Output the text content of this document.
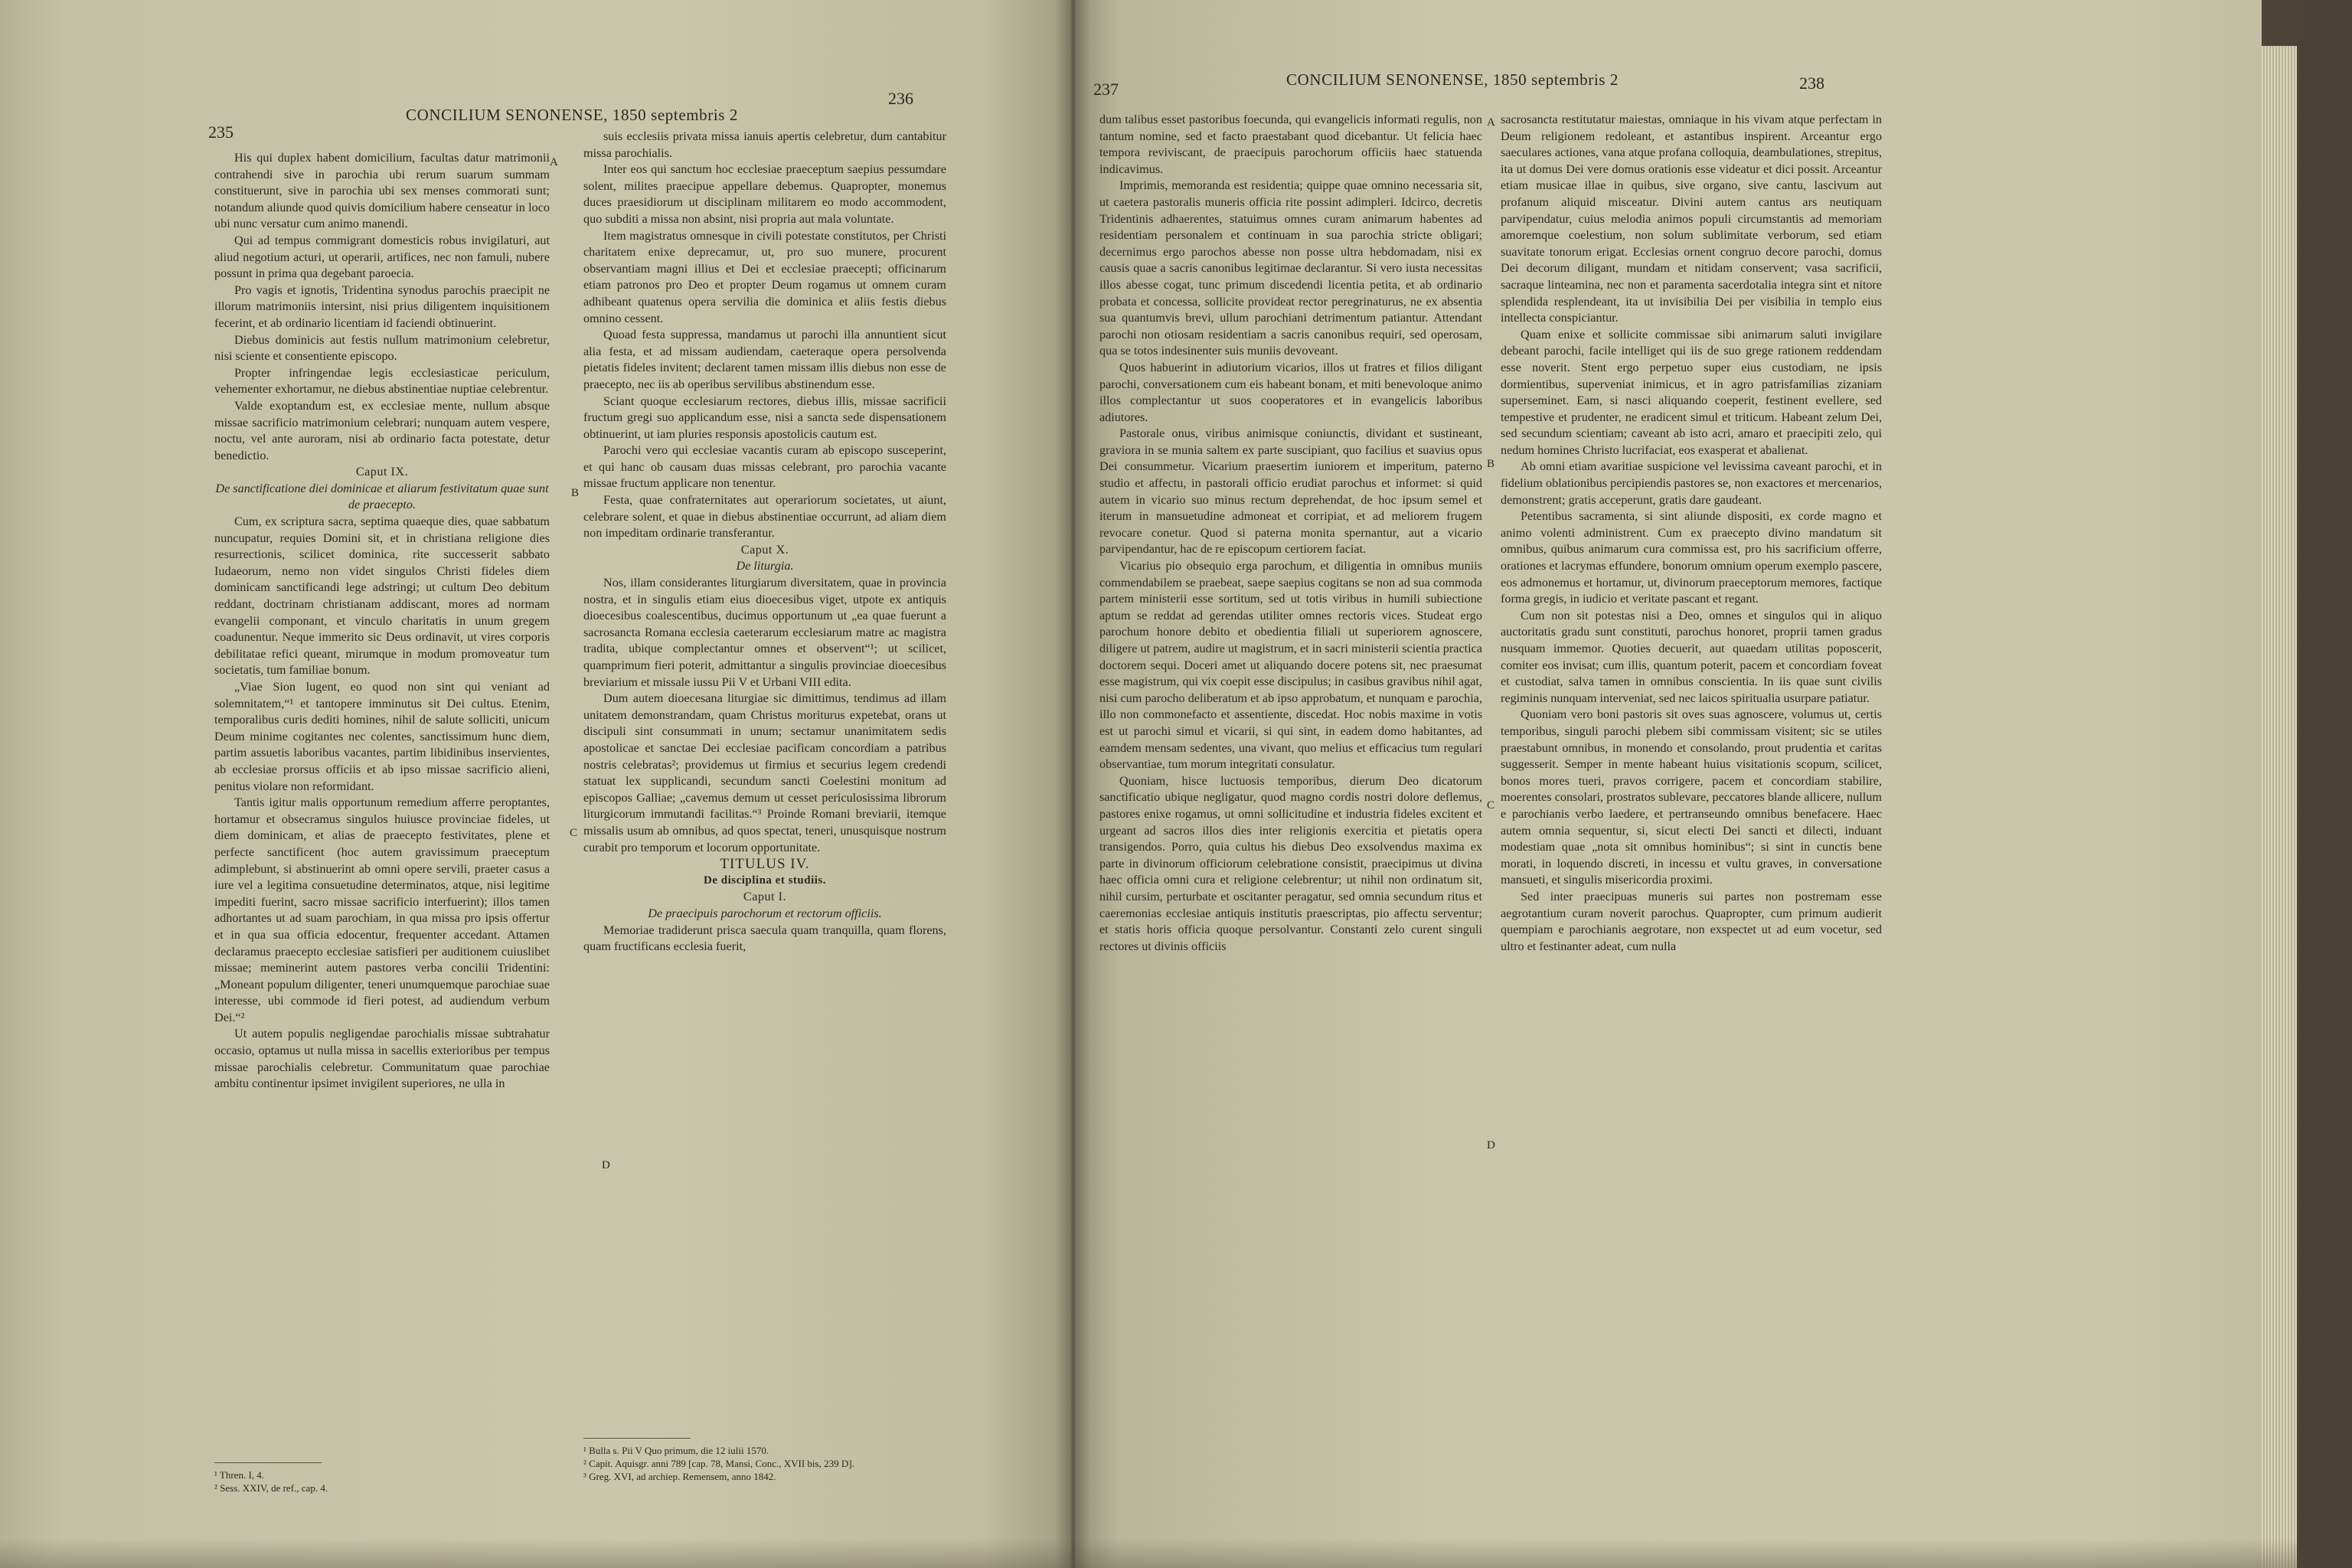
235
CONCILIUM SENONENSE, 1850 septembris 2
236
A
B
C
D

His qui duplex habent domicilium, facultas datur matrimonii contrahendi sive in parochia ubi rerum suarum summam constituerunt, sive in parochia ubi sex menses commorati sunt; notandum aliunde quod quivis domicilium habere censeatur in loco ubi nunc versatur cum animo manendi.

Qui ad tempus commigrant domesticis robus invigilaturi, aut aliud negotium acturi, ut operarii, artifices, nec non famuli, nubere possunt in prima qua degebant paroecia.

Pro vagis et ignotis, Tridentina synodus parochis praecipit ne illorum matrimoniis intersint, nisi prius diligentem inquisitionem fecerint, et ab ordinario licentiam id faciendi obtinuerint.

Diebus dominicis aut festis nullum matrimonium celebretur, nisi sciente et consentiente episcopo.

Propter infringendae legis ecclesiasticae periculum, vehementer exhortamur, ne diebus abstinentiae nuptiae celebrentur.

Valde exoptandum est, ex ecclesiae mente, nullum absque missae sacrificio matrimonium celebrari; nunquam autem vespere, noctu, vel ante auroram, nisi ab ordinario facta potestate, detur benedictio.

Caput IX.

De sanctificatione diei dominicae et aliarum festivitatum quae sunt de praecepto.

Cum, ex scriptura sacra, septima quaeque dies, quae sabbatum nuncupatur, requies Domini sit, et in christiana religione dies resurrectionis, scilicet dominica, rite successerit sabbato Iudaeorum, nemo non videt singulos Christi fideles diem dominicam sanctificandi lege adstringi; ut cultum Deo debitum reddant, doctrinam christianam addiscant, mores ad normam evangelii componant, et vinculo charitatis in unum gregem coadunentur. Neque immerito sic Deus ordinavit, ut vires corporis debilitatae refici queant, mirumque in modum promoveatur tum societatis, tum familiae bonum.

„Viae Sion lugent, eo quod non sint qui veniant ad solemnitatem,“¹ et tantopere imminutus sit Dei cultus. Etenim, temporalibus curis dediti homines, nihil de salute solliciti, unicum Deum minime cogitantes nec colentes, sanctissimum hunc diem, partim assuetis laboribus vacantes, partim libidinibus inservientes, ab ecclesiae prorsus officiis et ab ipso missae sacrificio alieni, penitus violare non reformidant.

Tantis igitur malis opportunum remedium afferre peroptantes, hortamur et obsecramus singulos huiusce provinciae fideles, ut diem dominicam, et alias de praecepto festivitates, plene et perfecte sanctificent (hoc autem gravissimum praeceptum adimplebunt, si abstinuerint ab omni opere servili, praeter casus a iure vel a legitima consuetudine determinatos, atque, nisi legitime impediti fuerint, sacro missae sacrificio interfuerint); illos tamen adhortantes ut ad suam parochiam, in qua missa pro ipsis offertur et in qua sua officia edocentur, frequenter accedant. Attamen declaramus praecepto ecclesiae satisfieri per auditionem cuiuslibet missae; meminerint autem pastores verba concilii Tridentini: „Moneant populum diligenter, teneri unumquemque parochiae suae interesse, ubi commode id fieri potest, ad audiendum verbum Dei.“²

Ut autem populis negligendae parochialis missae subtrahatur occasio, optamus ut nulla missa in sacellis exterioribus per tempus missae parochialis celebretur. Communitatum quae parochiae ambitu continentur ipsimet invigilent superiores, ne ulla in

¹ Thren. I, 4.
² Sess. XXIV, de ref., cap. 4.

suis ecclesiis privata missa ianuis apertis celebretur, dum cantabitur missa parochialis.

Inter eos qui sanctum hoc ecclesiae praeceptum saepius pessumdare solent, milites praecipue appellare debemus. Quapropter, monemus duces praesidiorum ut disciplinam militarem eo modo accommodent, quo subditi a missa non absint, nisi propria aut mala voluntate.

Item magistratus omnesque in civili potestate constitutos, per Christi charitatem enixe deprecamur, ut, pro suo munere, procurent observantiam magni illius et Dei et ecclesiae praecepti; officinarum etiam patronos pro Deo et propter Deum rogamus ut omnem curam adhibeant quatenus opera servilia die dominica et aliis festis diebus omnino cessent.

Quoad festa suppressa, mandamus ut parochi illa annuntient sicut alia festa, et ad missam audiendam, caeteraque opera persolvenda pietatis fideles invitent; declarent tamen missam illis diebus non esse de praecepto, nec iis ab operibus servilibus abstinendum esse.

Sciant quoque ecclesiarum rectores, diebus illis, missae sacrificii fructum gregi suo applicandum esse, nisi a sancta sede dispensationem obtinuerint, ut iam pluries responsis apostolicis cautum est.

Parochi vero qui ecclesiae vacantis curam ab episcopo susceperint, et qui hanc ob causam duas missas celebrant, pro parochia vacante missae fructum applicare non tenentur.

Festa, quae confraternitates aut operariorum societates, ut aiunt, celebrare solent, et quae in diebus abstinentiae occurrunt, ad aliam diem non impeditam ordinarie transferantur.

Caput X.

De liturgia.

Nos, illam considerantes liturgiarum diversitatem, quae in provincia nostra, et in singulis etiam eius dioecesibus viget, utpote ex antiquis dioecesibus coalescentibus, ducimus opportunum ut „ea quae fuerunt a sacrosancta Romana ecclesia caeterarum ecclesiarum matre ac magistra tradita, ubique complectantur omnes et observent“¹; ut scilicet, quamprimum fieri poterit, admittantur a singulis provinciae dioecesibus breviarium et missale iussu Pii V et Urbani VIII edita.

Dum autem dioecesana liturgiae sic dimittimus, tendimus ad illam unitatem demonstrandam, quam Christus moriturus expetebat, orans ut discipuli sint consummati in unum; sectamur unanimitatem sedis apostolicae et sanctae Dei ecclesiae pacificam concordiam a patribus nostris celebratas²; providemus ut firmius et securius legem credendi statuat lex supplicandi, secundum sancti Coelestini monitum ad episcopos Galliae; „cavemus demum ut cesset periculosissima librorum liturgicorum immutandi facilitas.“³ Proinde Romani breviarii, itemque missalis usum ab omnibus, ad quos spectat, teneri, unusquisque nostrum curabit pro temporum et locorum opportunitate.

TITULUS IV.

De disciplina et studiis.

Caput I.

De praecipuis parochorum et rectorum officiis.

Memoriae tradiderunt prisca saecula quam tranquilla, quam florens, quam fructificans ecclesia fuerit,

¹ Bulla s. Pii V Quo primum, die 12 iulii 1570.
² Capit. Aquisgr. anni 789 [cap. 78, Mansi, Conc., XVII bis, 239 D].
³ Greg. XVI, ad archiep. Remensem, anno 1842.
237	CONCILIUM SENONENSE, 1850 septembris 2	238
A
B
C
D

dum talibus esset pastoribus foecunda, qui evangelicis informati regulis, non tantum nomine, sed et facto praestabant quod dicebantur. Ut felicia haec tempora reviviscant, de praecipuis parochorum officiis haec statuenda indicavimus.

Imprimis, memoranda est residentia; quippe quae omnino necessaria sit, ut caetera pastoralis muneris officia rite possint adimpleri. Idcirco, decretis Tridentinis adhaerentes, statuimus omnes curam animarum habentes ad residentiam personalem et continuam in sua parochia stricte obligari; decernimus ergo parochos abesse non posse ultra hebdomadam, nisi ex causis quae a sacris canonibus legitimae declarantur. Si vero iusta necessitas illos abesse cogat, tunc primum discedendi licentia petita, et ab ordinario probata et concessa, sollicite provideat rector peregrinaturus, ne ex absentia sua quantumvis brevi, ullum parochiani detrimentum patiantur. Attendant parochi non otiosam residentiam a sacris canonibus requiri, sed operosam, qua se totos indesinenter suis muniis devoveant.

Quos habuerint in adiutorium vicarios, illos ut fratres et filios diligant parochi, conversationem cum eis habeant bonam, et miti benevoloque animo illos complectantur ut suos cooperatores et in evangelicis laboribus adiutores.

Pastorale onus, viribus animisque coniunctis, dividant et sustineant, graviora in se munia saltem ex parte suscipiant, quo facilius et suavius opus Dei consummetur. Vicarium praesertim iuniorem et imperitum, paterno studio et affectu, in pastorali officio erudiat parochus et informet: si quid autem in vicario suo minus rectum deprehendat, de hoc ipsum semel et iterum in mansuetudine admoneat et corripiat, et ad meliorem frugem revocare conetur. Quod si paterna monita spernantur, aut a vicario parvipendantur, hac de re episcopum certiorem faciat.

Vicarius pio obsequio erga parochum, et diligentia in omnibus muniis commendabilem se praebeat, saepe saepius cogitans se non ad sua commoda partem ministerii esse sortitum, sed ut totis viribus in humili subiectione aptum se reddat ad gerendas utiliter omnes rectoris vices. Studeat ergo parochum honore debito et obedientia filiali ut superiorem agnoscere, diligere ut patrem, audire ut magistrum, et in sacri ministerii scientia practica doctorem sequi. Doceri amet ut aliquando docere potens sit, nec praesumat esse magistrum, qui vix coepit esse discipulus; in casibus gravibus nihil agat, nisi cum parocho deliberatum et ab ipso approbatum, et nunquam e parochia, illo non commonefacto et assentiente, discedat. Hoc nobis maxime in votis est ut parochi simul et vicarii, si qui sint, in eadem domo habitantes, ad eamdem mensam sedentes, una vivant, quo melius et efficacius tum regulari observantiae, tum morum integritati consulatur.

Quoniam, hisce luctuosis temporibus, dierum Deo dicatorum sanctificatio ubique negligatur, quod magno cordis nostri dolore deflemus, pastores enixe rogamus, ut omni sollicitudine et industria fideles excitent et urgeant ad sacros illos dies inter religionis exercitia et pietatis opera transigendos. Porro, quia cultus his diebus Deo exsolvendus maxima ex parte in divinorum officiorum celebratione consistit, praecipimus ut divina haec officia omni cura et religione celebrentur; ut nihil non ordinatum sit, nihil cursim, perturbate et oscitanter peragatur, sed omnia secundum ritus et caeremonias ecclesiae antiquis institutis praescriptas, pio affectu serventur; et statis horis officia quoque persolvantur. Constanti zelo curent singuli rectores ut divinis officiis

sacrosancta restitutatur maiestas, omniaque in his vivam atque perfectam in Deum religionem redoleant, et astantibus inspirent. Arceantur ergo saeculares actiones, vana atque profana colloquia, deambulationes, strepitus, ita ut domus Dei vere domus orationis esse videatur et dici possit. Arceantur etiam musicae illae in quibus, sive organo, sive cantu, lascivum aut profanum aliquid misceatur. Divini autem cantus ars neutiquam parvipendatur, cuius melodia animos populi circumstantis ad memoriam amoremque coelestium, non solum sublimitate verborum, sed etiam suavitate tonorum erigat. Ecclesias ornent congruo decore parochi, domus Dei decorum diligant, mundam et nitidam conservent; vasa sacrificii, sacraque linteamina, nec non et paramenta sacerdotalia integra sint et nitore splendida resplendeant, ita ut invisibilia Dei per visibilia in templo eius intellecta conspiciantur.

Quam enixe et sollicite commissae sibi animarum saluti invigilare debeant parochi, facile intelliget qui iis de suo grege rationem reddendam esse noverit. Stent ergo perpetuo super eius custodiam, ne ipsis dormientibus, superveniat inimicus, et in agro patrisfamilias zizaniam superseminet. Eam, si nasci aliquando coeperit, festinent evellere, sed tempestive et prudenter, ne eradicent simul et triticum. Habeant zelum Dei, sed secundum scientiam; caveant ab isto acri, amaro et praecipiti zelo, qui nedum homines Christo lucrifaciat, eos exasperat et abalienat.

Ab omni etiam avaritiae suspicione vel levissima caveant parochi, et in fidelium oblationibus percipiendis pastores se, non exactores et mercenarios, demonstrent; gratis acceperunt, gratis dare gaudeant.

Petentibus sacramenta, si sint aliunde dispositi, ex corde magno et animo volenti administrent. Cum ex praecepto divino mandatum sit omnibus, quibus animarum cura commissa est, pro his sacrificium offerre, orationes et lacrymas effundere, bonorum omnium operum exemplo pascere, eos admonemus et hortamur, ut, divinorum praeceptorum memores, factique forma gregis, in iudicio et veritate pascant et regant.

Cum non sit potestas nisi a Deo, omnes et singulos qui in aliquo auctoritatis gradu sunt constituti, parochus honoret, proprii tamen gradus nusquam immemor. Quoties decuerit, aut quaedam utilitas poposcerit, comiter eos invisat; cum illis, quantum poterit, pacem et concordiam foveat et custodiat, salva tamen in omnibus conscientia. In iis quae sunt civilis regiminis nunquam interveniat, sed nec laicos spiritualia usurpare patiatur.

Quoniam vero boni pastoris sit oves suas agnoscere, volumus ut, certis temporibus, singuli parochi plebem sibi commissam visitent; sic se utiles praestabunt omnibus, in monendo et consolando, prout prudentia et caritas suggesserit. Semper in mente habeant huius visitationis scopum, scilicet, bonos mores tueri, pravos corrigere, pacem et concordiam stabilire, moerentes consolari, prostratos sublevare, peccatores blande allicere, nullum e parochianis verbo laedere, et pertranseundo omnibus benefacere. Haec autem omnia sequentur, si, sicut electi Dei sancti et dilecti, induant modestiam quae „nota sit omnibus hominibus“; si sint in cunctis bene morati, in loquendo discreti, in incessu et vultu graves, in conversatione mansueti, et singulis misericordia proximi.

Sed inter praecipuas muneris sui partes non postremam esse aegrotantium curam noverit parochus. Quapropter, cum primum audierit quempiam e parochianis aegrotare, non exspectet ut ad eum vocetur, sed ultro et festinanter adeat, cum nulla
